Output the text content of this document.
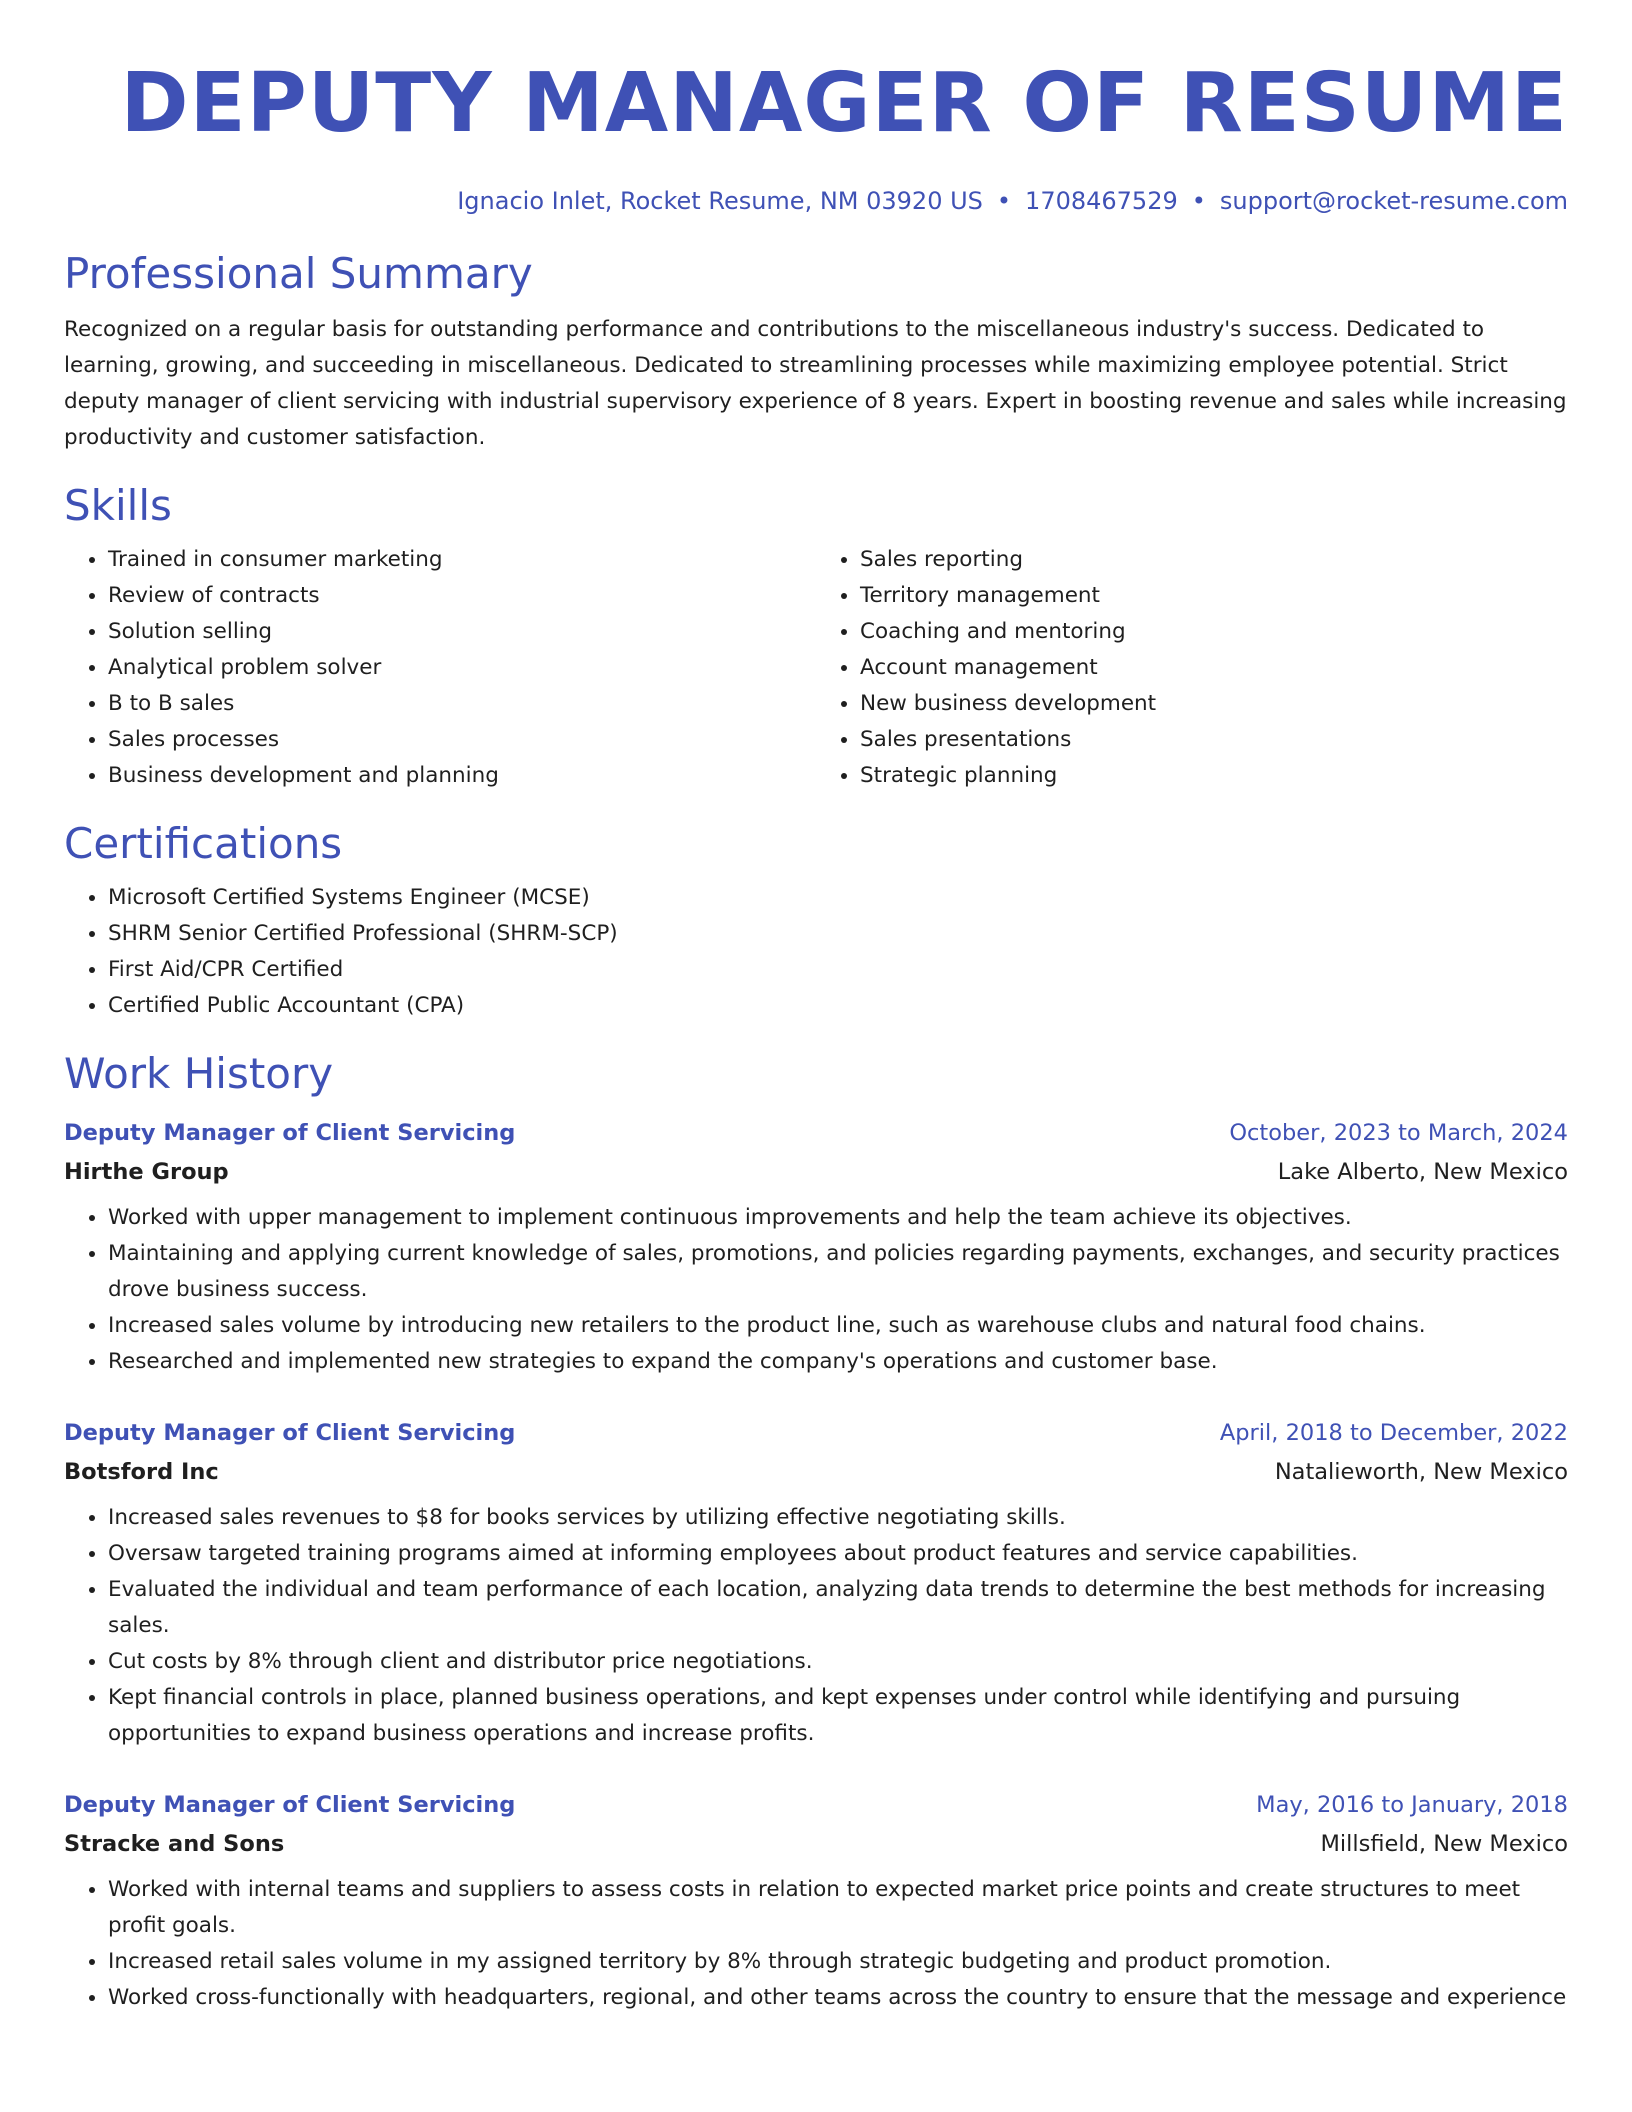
DEPUTY MANAGER OF RESUME
Ignacio Inlet, Rocket Resume, NM 03920 US • 1708467529 • support@rocket-resume.com
Professional Summary

Recognized on a regular basis for outstanding performance and contributions to the miscellaneous industry's success. Dedicated to learning, growing, and succeeding in miscellaneous. Dedicated to streamlining processes while maximizing employee potential. Strict deputy manager of client servicing with industrial supervisory experience of 8 years. Expert in boosting revenue and sales while increasing productivity and customer satisfaction.

Skills
• Trained in consumer marketing
• Review of contracts
• Solution selling
• Analytical problem solver
• B to B sales
• Sales processes
• Business development and planning
• Sales reporting
• Territory management
• Coaching and mentoring
• Account management
• New business development
• Sales presentations
• Strategic planning
Certifications
• Microsoft Certified Systems Engineer (MCSE)
• SHRM Senior Certified Professional (SHRM-SCP)
• First Aid/CPR Certified
• Certified Public Accountant (CPA)
Work History
Deputy Manager of Client Servicing	October, 2023 to March, 2024
Hirthe Group	Lake Alberto, New Mexico
• Worked with upper management to implement continuous improvements and help the team achieve its objectives.
• Maintaining and applying current knowledge of sales, promotions, and policies regarding payments, exchanges, and security practices drove business success.
• Increased sales volume by introducing new retailers to the product line, such as warehouse clubs and natural food chains.
• Researched and implemented new strategies to expand the company's operations and customer base.
Deputy Manager of Client Servicing	April, 2018 to December, 2022
Botsford Inc	Natalieworth, New Mexico
• Increased sales revenues to $8 for books services by utilizing effective negotiating skills.
• Oversaw targeted training programs aimed at informing employees about product features and service capabilities.
• Evaluated the individual and team performance of each location, analyzing data trends to determine the best methods for increasing sales.
• Cut costs by 8% through client and distributor price negotiations.
• Kept financial controls in place, planned business operations, and kept expenses under control while identifying and pursuing opportunities to expand business operations and increase profits.
Deputy Manager of Client Servicing	May, 2016 to January, 2018
Stracke and Sons	Millsfield, New Mexico
• Worked with internal teams and suppliers to assess costs in relation to expected market price points and create structures to meet profit goals.
• Increased retail sales volume in my assigned territory by 8% through strategic budgeting and product promotion.
• Worked cross-functionally with headquarters, regional, and other teams across the country to ensure that the message and experience
